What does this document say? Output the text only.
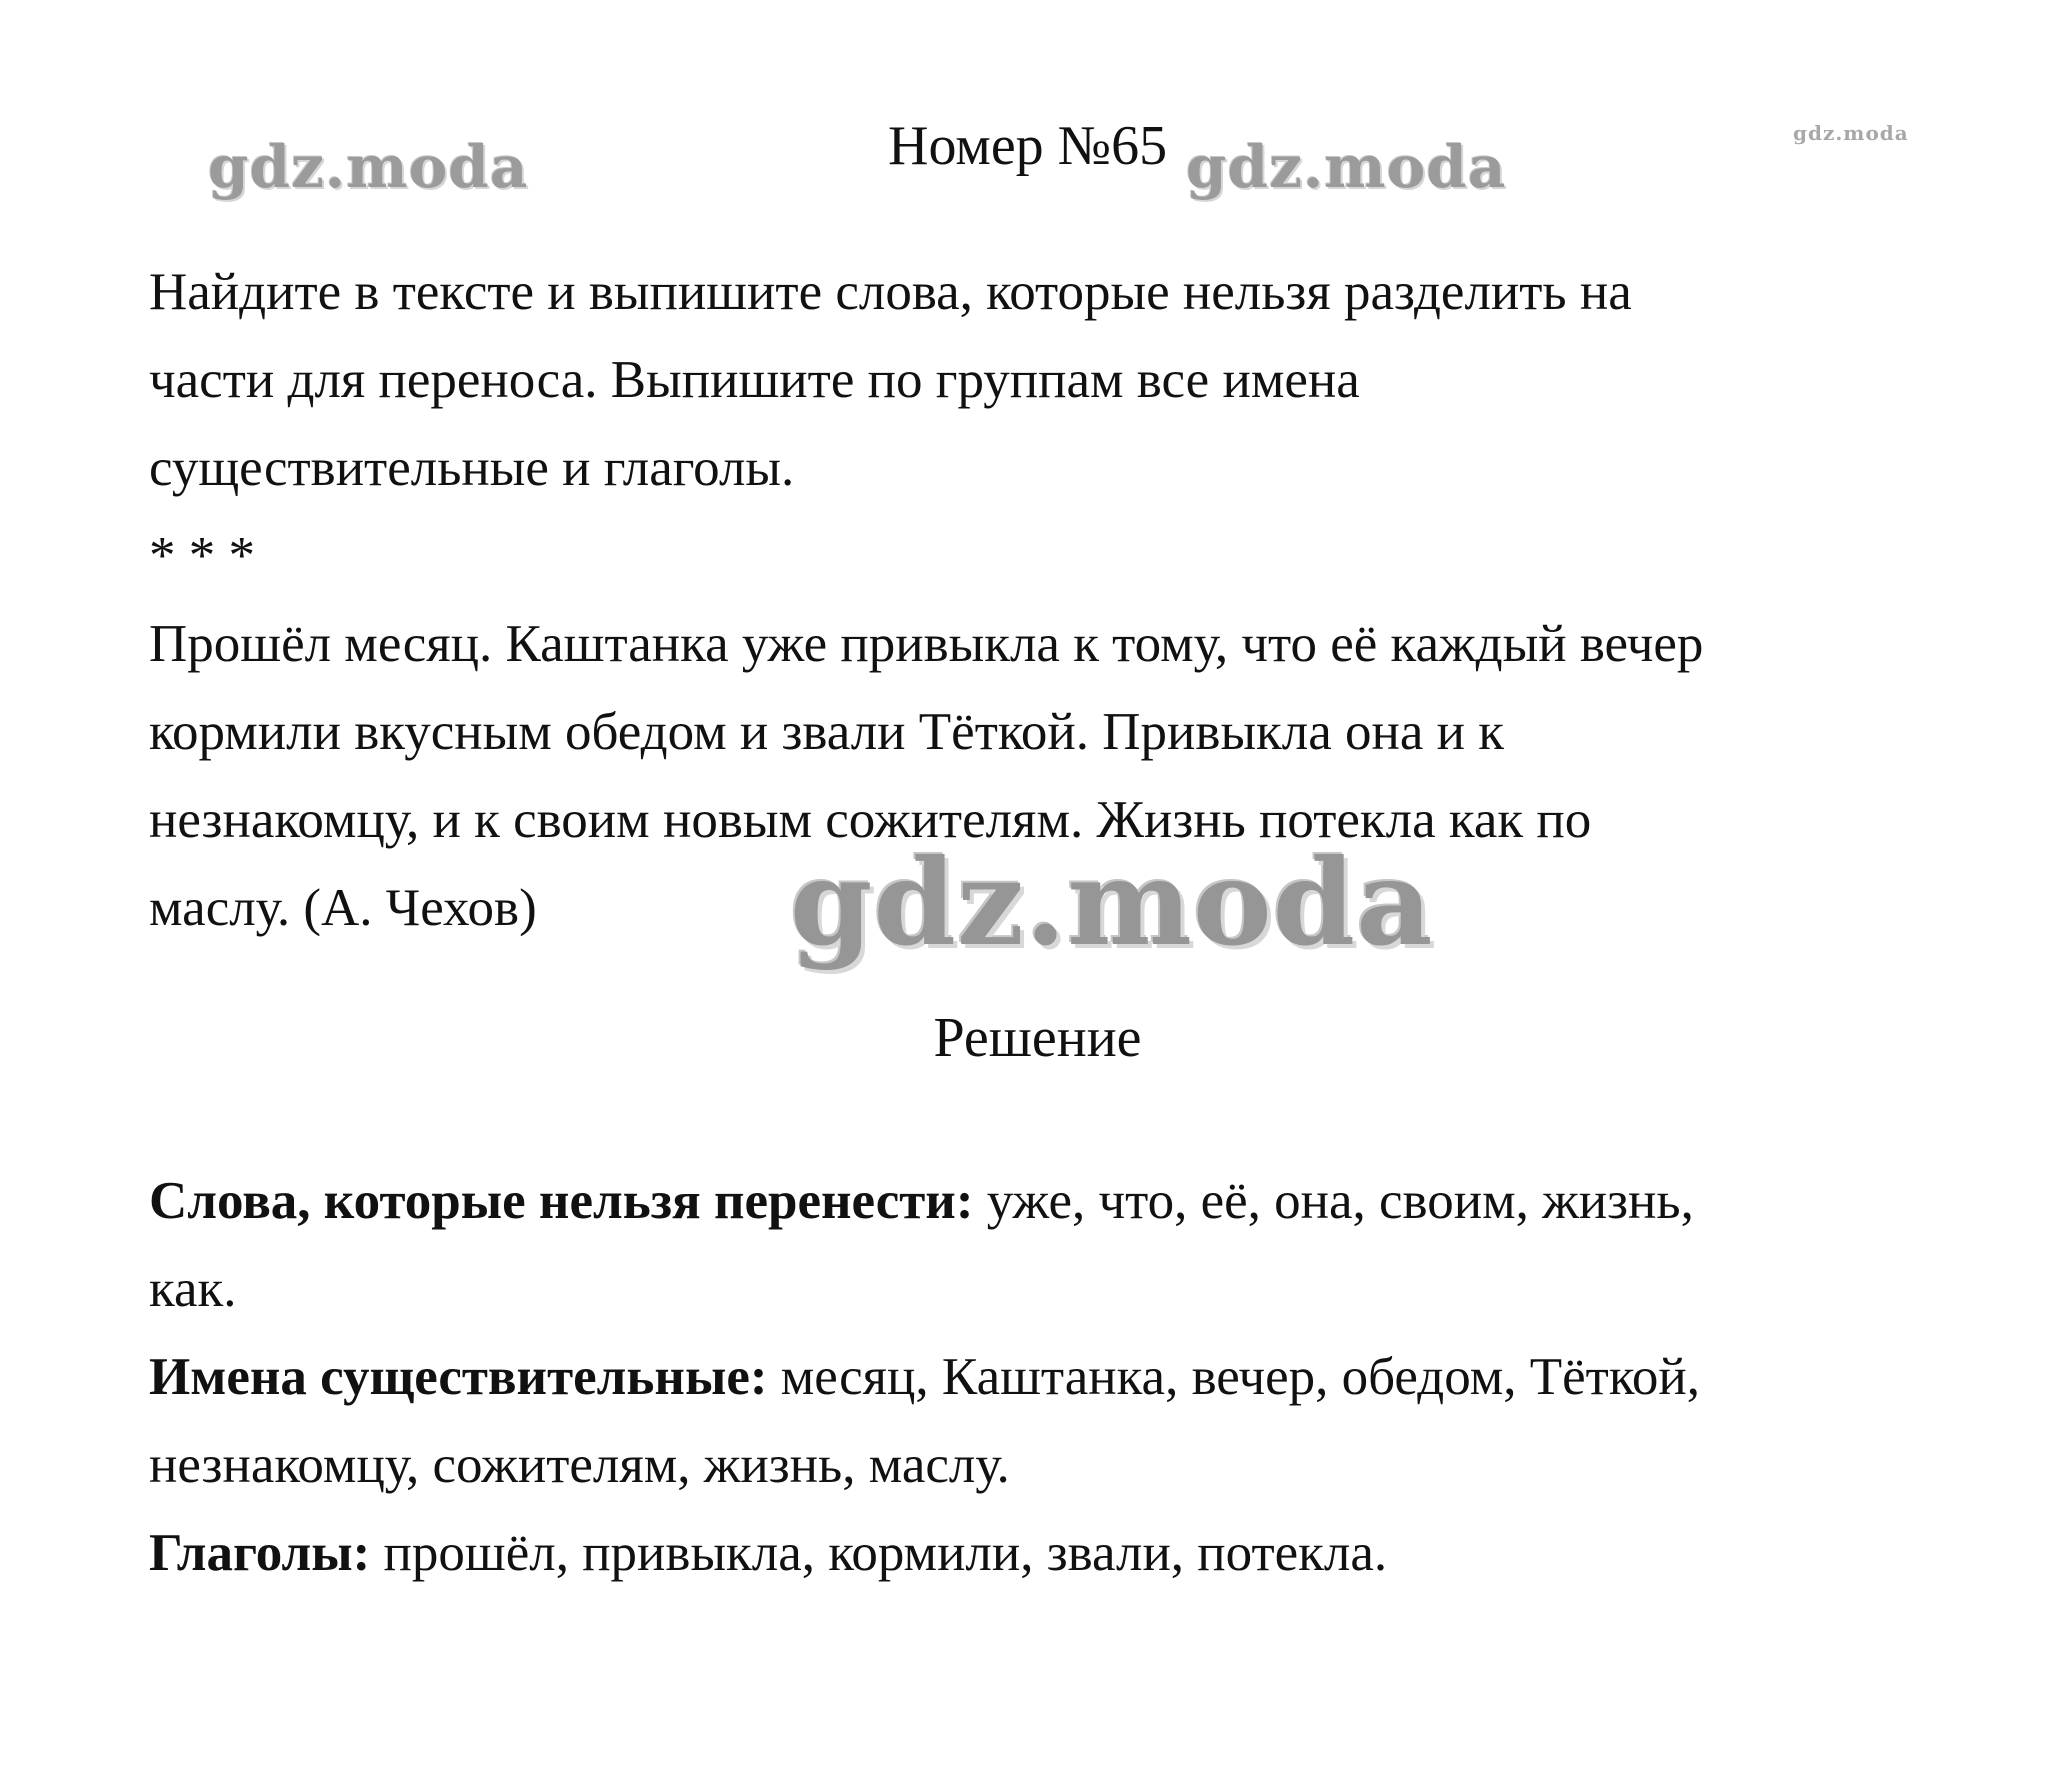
gdz.moda	gdz.moda	gdz.moda
Номер №65
Найдите в тексте и выпишите слова, которые нельзя разделить на
части для переноса. Выпишите по группам все имена
существительные и глаголы.
* * *
Прошёл месяц. Каштанка уже привыкла к тому, что её каждый вечер
кормили вкусным обедом и звали Тёткой. Привыкла она и к
незнакомцу, и к своим новым сожителям. Жизнь потекла как по
маслу. (А. Чехов)	gdz.moda
Решение
Слова, которые нельзя перенести: уже, что, её, она, своим, жизнь,
как.
Имена существительные: месяц, Каштанка, вечер, обедом, Тёткой,
незнакомцу, сожителям, жизнь, маслу.
Глаголы: прошёл, привыкла, кормили, звали, потекла.
